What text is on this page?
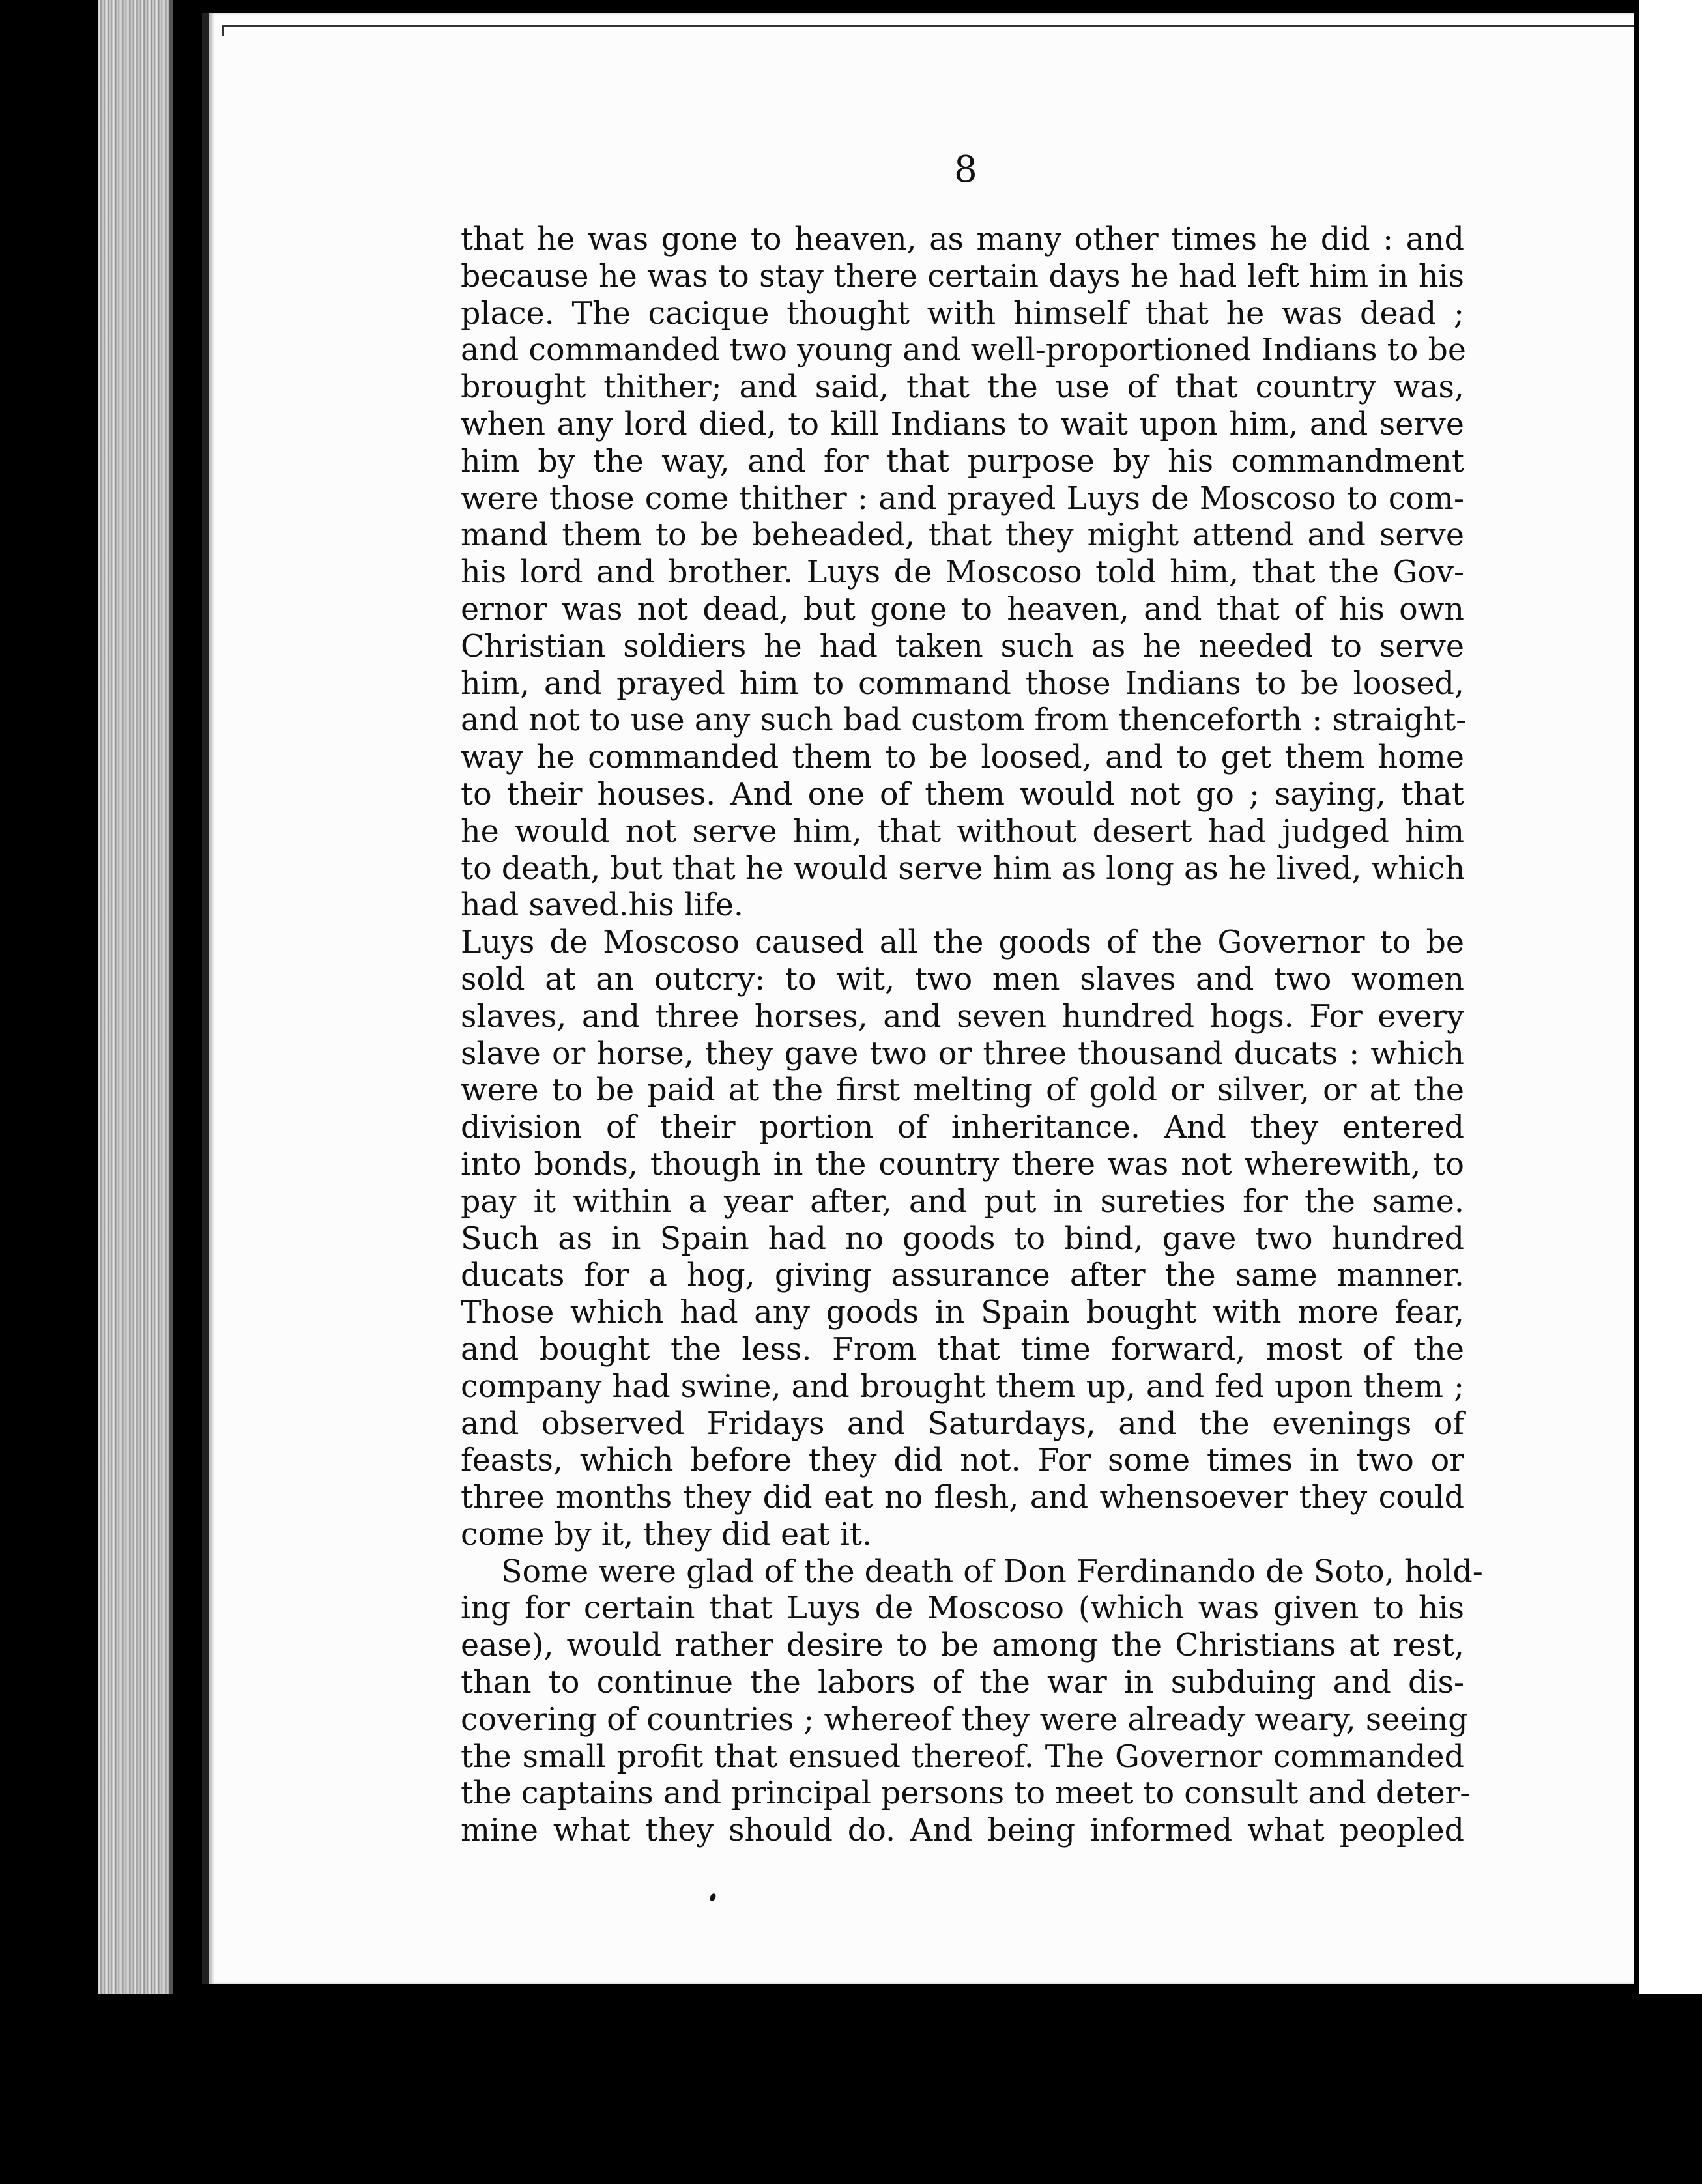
8
that he was gone to heaven, as many other times he did : and
because he was to stay there certain days he had left him in his
place. The cacique thought with himself that he was dead ;
and commanded two young and well-proportioned Indians to be
brought thither; and said, that the use of that country was,
when any lord died, to kill Indians to wait upon him, and serve
him by the way, and for that purpose by his commandment
were those come thither : and prayed Luys de Moscoso to com-
mand them to be beheaded, that they might attend and serve
his lord and brother. Luys de Moscoso told him, that the Gov-
ernor was not dead, but gone to heaven, and that of his own
Christian soldiers he had taken such as he needed to serve
him, and prayed him to command those Indians to be loosed,
and not to use any such bad custom from thenceforth : straight-
way he commanded them to be loosed, and to get them home
to their houses. And one of them would not go ; saying, that
he would not serve him, that without desert had judged him
to death, but that he would serve him as long as he lived, which
had saved.his life.
Luys de Moscoso caused all the goods of the Governor to be
sold at an outcry: to wit, two men slaves and two women
slaves, and three horses, and seven hundred hogs. For every
slave or horse, they gave two or three thousand ducats : which
were to be paid at the first melting of gold or silver, or at the
division of their portion of inheritance. And they entered
into bonds, though in the country there was not wherewith, to
pay it within a year after, and put in sureties for the same.
Such as in Spain had no goods to bind, gave two hundred
ducats for a hog, giving assurance after the same manner.
Those which had any goods in Spain bought with more fear,
and bought the less. From that time forward, most of the
company had swine, and brought them up, and fed upon them ;
and observed Fridays and Saturdays, and the evenings of
feasts, which before they did not. For some times in two or
three months they did eat no flesh, and whensoever they could
come by it, they did eat it.
Some were glad of the death of Don Ferdinando de Soto, hold-
ing for certain that Luys de Moscoso (which was given to his
ease), would rather desire to be among the Christians at rest,
than to continue the labors of the war in subduing and dis-
covering of countries ; whereof they were already weary, seeing
the small profit that ensued thereof. The Governor commanded
the captains and principal persons to meet to consult and deter-
mine what they should do. And being informed what peopled
